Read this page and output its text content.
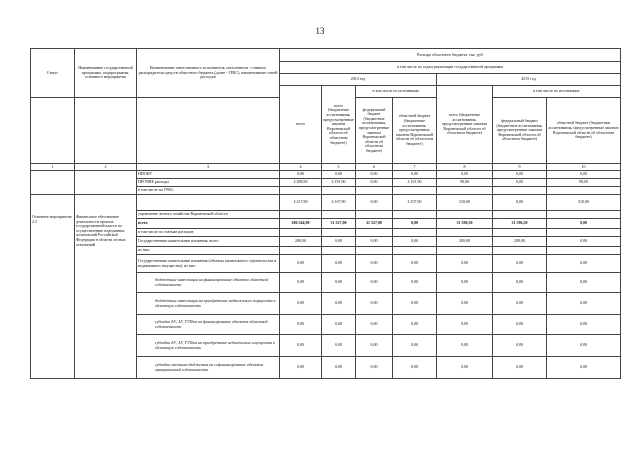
13
Статус	Наименование государственной программы, подпрограммы, основного мероприятия	Наименование ответственного исполнителя, исполнителя - главного распорядителя средств областного бюджета (далее - ГРБС), наименование статей расходов	Расходы областного бюджета, тыс. руб						
			в том числе по годам реализации государственной программы						
			2014 год				2015 год		
			всего	всего (бюджетные ассигнования, предусмотренные законом Воронежской области об областном бюджете)	в том числе по источникам:		всего (бюджетные ассигнования, предусмотренные законом Воронежской области об областном бюджете)	в том числе по источникам:	
					федеральный бюджет (бюджетные ассигнования, предусмотренные законом Воронежской области об областном бюджете)	областной бюджет (бюджетные ассигнования, предусмотренные законом Воронежской области об областном бюджете)		федеральный бюджет (бюджетные ассигнования, предусмотренные законом Воронежской области об областном бюджете)	областной бюджет (бюджетные ассигнования, предусмотренные законом Воронежской области об областном бюджете)
1	2	3	4	5	6	7	8	9	10
		НИОКР	0,00	0,00	0,00	0,00	0,00	0,00	0,00
		ПРОЧИЕ расходы	4 288,90	4 191,90	0,00	4 191,90	98,00	0,00	98,00
		в том числе по ГРБС:							
Основное мероприятие 2.5	Финансовое обеспечение деятельности органов государственной власти по осуществлению переданных полномочий Российской Федерации в области лесных отношений		4 417,90	4 107,90	0,00	4 107,90	310,00	0,00	310,00
		управление лесного хозяйства Воронежской области							
		всего	206 544,90	31 527,00	31 527,00	0,00	31 596,50	31 596,50	0,00
		в том числе по статьям расходов:							
		Государственные капитальные вложения, всего	200,00	0,00	0,00	0,00	200,00	200,00	0,00
		из них:							
		Государственные капитальные вложения (объекты капитального строительства и недвижимого имущества), из них:	0,00	0,00	0,00	0,00	0,00	0,00	0,00
		бюджетные инвестиции на финансирование объектов областной собственности	0,00	0,00	0,00	0,00	0,00	0,00	0,00
		бюджетные инвестиции на приобретение недвижимого имущества в областную собственность	0,00	0,00	0,00	0,00	0,00	0,00	0,00
		субсидии БУ, АУ, ГУПам на финансирование объектов областной собственности	0,00	0,00	0,00	0,00	0,00	0,00	0,00
		субсидии БУ, АУ, ГУПам на приобретение недвижимого имущества в областную собственность	0,00	0,00	0,00	0,00	0,00	0,00	0,00
		субсидии местным бюджетам на софинансирование объектов муниципальной собственности	0,00	0,00	0,00	0,00	0,00	0,00	0,00
